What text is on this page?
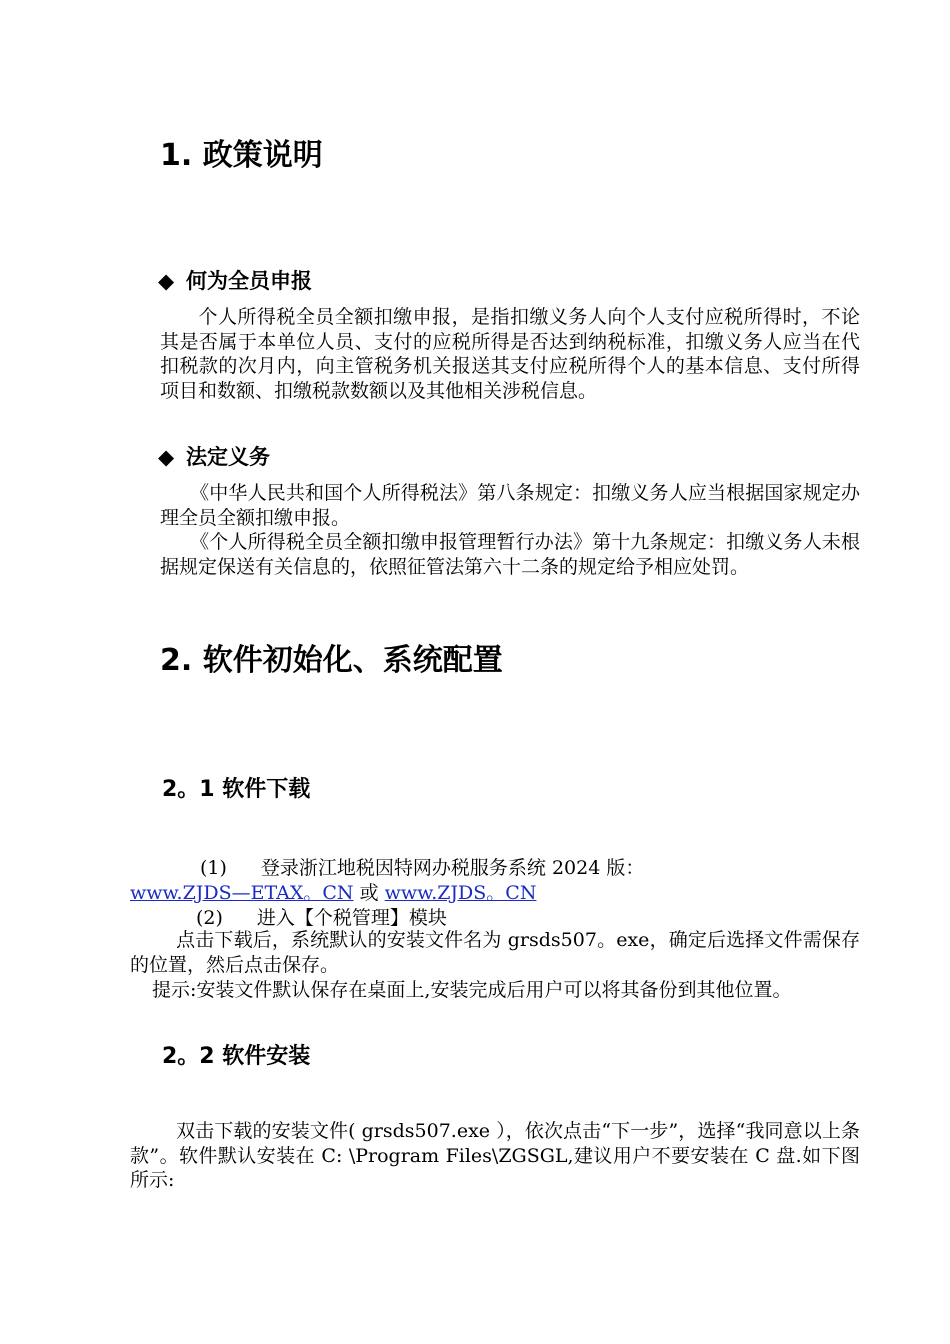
1. 政策说明
◆ 何为全员申报
个人所得税全员全额扣缴申报，是指扣缴义务人向个人支付应税所得时，不论其是否属于本单位人员、支付的应税所得是否达到纳税标准，扣缴义务人应当在代扣税款的次月内，向主管税务机关报送其支付应税所得个人的基本信息、支付所得项目和数额、扣缴税款数额以及其他相关涉税信息。
◆ 法定义务
《中华人民共和国个人所得税法》第八条规定：扣缴义务人应当根据国家规定办理全员全额扣缴申报。
《个人所得税全员全额扣缴申报管理暂行办法》第十九条规定：扣缴义务人未根据规定保送有关信息的，依照征管法第六十二条的规定给予相应处罚。
2. 软件初始化、系统配置
2。1 软件下载
(1) 登录浙江地税因特网办税服务系统 2024 版：
www.ZJDS—ETAX。CN 或 www.ZJDS。CN
(2) 进入【个税管理】模块
点击下载后，系统默认的安装文件名为 grsds507。exe，确定后选择文件需保存的位置，然后点击保存。
提示:安装文件默认保存在桌面上,安装完成后用户可以将其备份到其他位置。
2。2 软件安装
双击下载的安装文件( grsds507.exe ），依次点击“下一步”，选择“我同意以上条款”。软件默认安装在 C: \Program Files\ZGSGL,建议用户不要安装在 C 盘.如下图所示:
